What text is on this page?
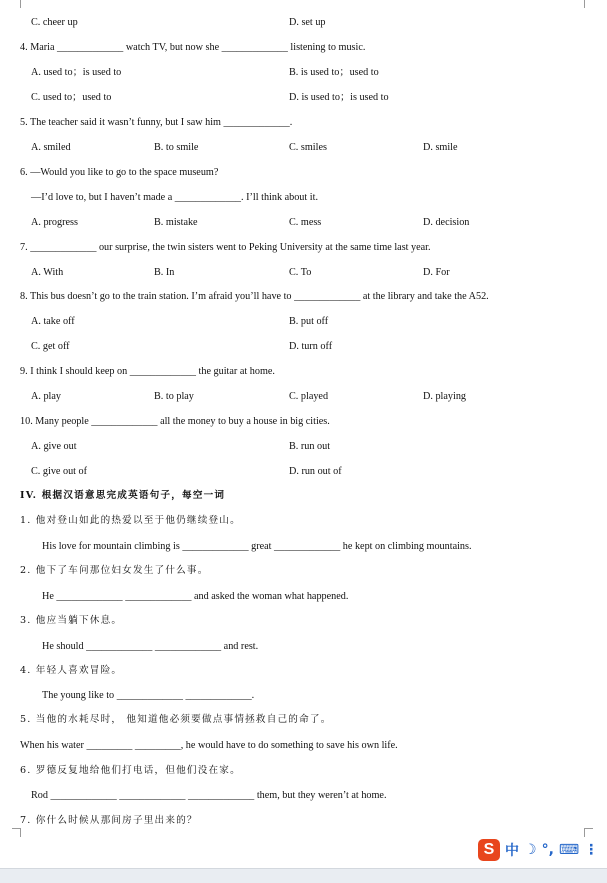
C. cheer up	D. set up
4. Maria _____________ watch TV, but now she _____________ listening to music.
A. used to；is used to	B. is used to；used to
C. used to；used to	D. is used to；is used to
5. The teacher said it wasn’t funny, but I saw him _____________.
A. smiled	B. to smile	C. smiles	D. smile
6. —Would you like to go to the space museum?
—I’d love to, but I haven’t made a _____________. I’ll think about it.
A. progress	B. mistake	C. mess	D. decision
7. _____________ our surprise, the twin sisters went to Peking University at the same time last year.
A. With	B. In	C. To	D. For
8. This bus doesn’t go to the train station. I’m afraid you’ll have to _____________ at the library and take the A52.
A. take off	B. put off
C. get off	D. turn off
9. I think I should keep on _____________ the guitar at home.
A. play	B. to play	C. played	D. playing
10. Many people _____________ all the money to buy a house in big cities.
A. give out	B. run out
C. give out of	D. run out of
IV. 根据汉语意思完成英语句子，每空一词
1. 他对登山如此的热爱以至于他仍继续登山。
His love for mountain climbing is _____________ great _____________ he kept on climbing mountains.
2. 他下了车问那位妇女发生了什么事。
He _____________ _____________ and asked the woman what happened.
3. 他应当躺下休息。
He should _____________ _____________ and rest.
4. 年轻人喜欢冒险。
The young like to _____________ _____________.
5. 当他的水耗尽时， 他知道他必须要做点事情拯救自己的命了。
When his water _________ _________, he would have to do something to save his own life.
6. 罗德反复地给他们打电话，但他们没在家。
Rod _____________ _____________ _____________ them, but they weren’t at home.
7. 你什么时候从那间房子里出来的？
S 中 ☽ °, ⌨ ⋮
